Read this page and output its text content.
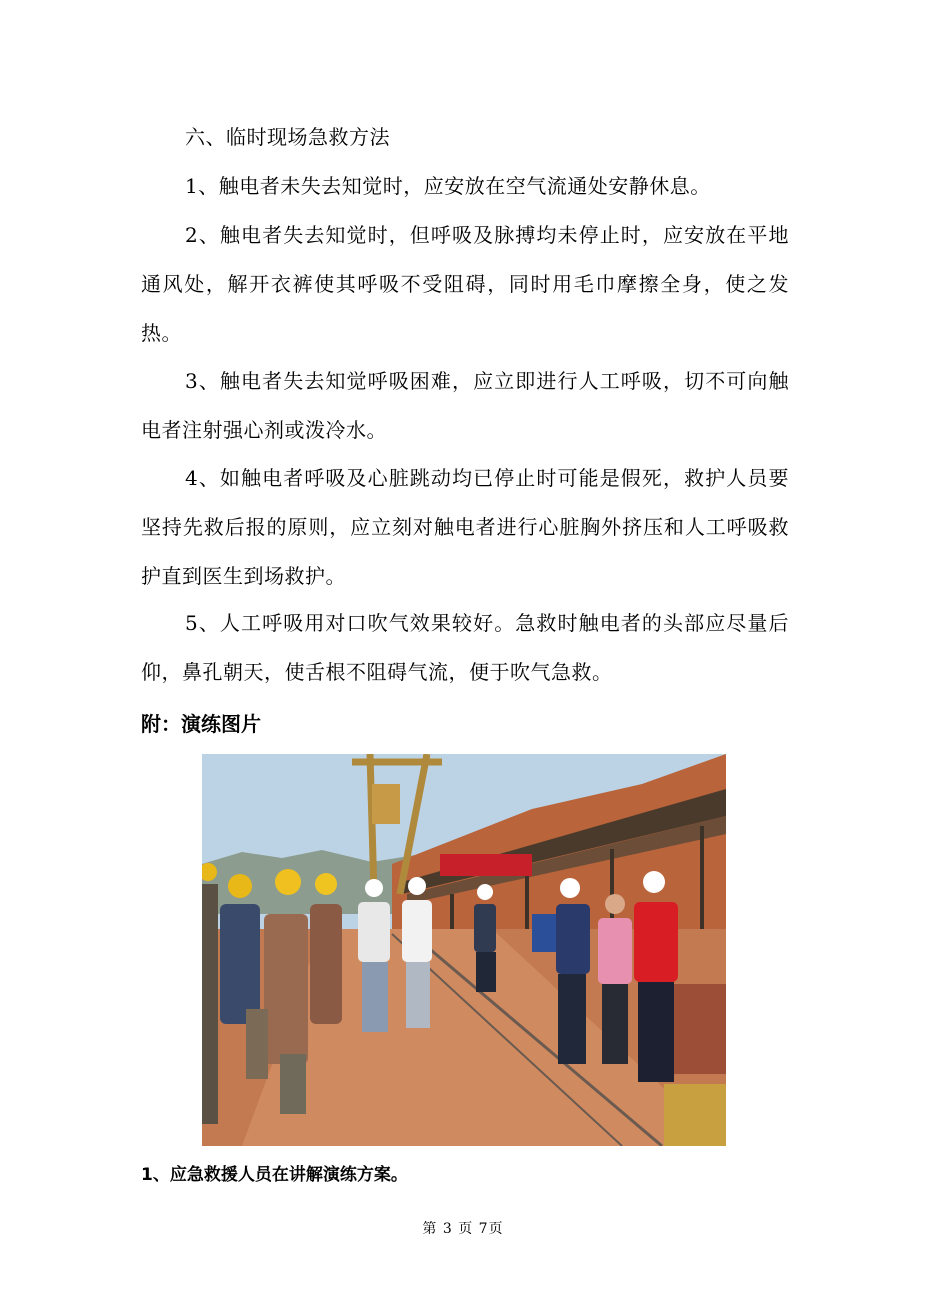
六、临时现场急救方法

1、触电者未失去知觉时，应安放在空气流通处安静休息。

2、触电者失去知觉时，但呼吸及脉搏均未停止时，应安放在平地通风处，解开衣裤使其呼吸不受阻碍，同时用毛巾摩擦全身，使之发热。

3、触电者失去知觉呼吸困难，应立即进行人工呼吸，切不可向触电者注射强心剂或泼冷水。

4、如触电者呼吸及心脏跳动均已停止时可能是假死，救护人员要坚持先救后报的原则，应立刻对触电者进行心脏胸外挤压和人工呼吸救护直到医生到场救护。

5、人工呼吸用对口吹气效果较好。急救时触电者的头部应尽量后仰，鼻孔朝天，使舌根不阻碍气流，便于吹气急救。

附：演练图片

1、应急救援人员在讲解演练方案。

第 3 页 7页
